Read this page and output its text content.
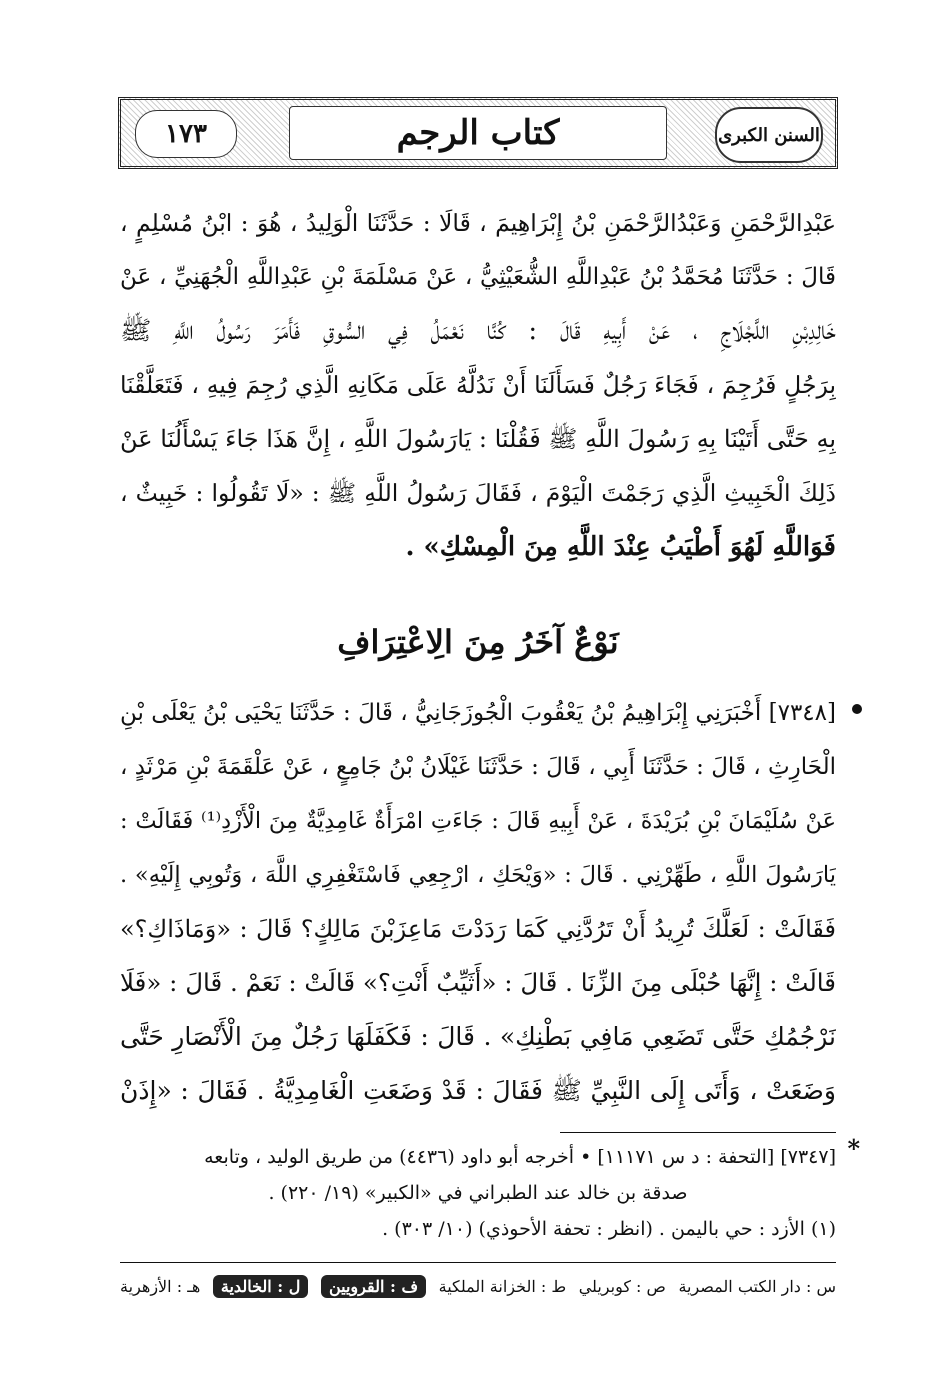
السنن الكبرى
كتاب الرجم
١٧٣
عَبْدِالرَّحْمَنِ وَعَبْدُالرَّحْمَنِ بْنُ إِبْرَاهِيمَ ، قَالَا : حَدَّثَنَا الْوَلِيدُ ، هُوَ : ابْنُ مُسْلِمٍ ،
قَالَ : حَدَّثَنَا مُحَمَّدُ بْنُ عَبْدِاللَّهِ الشُّعَيْثِيُّ ، عَنْ مَسْلَمَةَ بْنِ عَبْدِاللَّهِ الْجُهَنِيِّ ، عَنْ
خَالِدِبْنِ اللَّجْلَاجِ ، عَنْ أَبِيهِ قَالَ : كُنَّا نَعْمَلُ فِي السُّوقِ فَأَمَرَ رَسُولُ اللَّهِ ﷺ
بِرَجُلٍ فَرُجِمَ ، فَجَاءَ رَجُلٌ فَسَأَلَنَا أَنْ نَدُلَّهُ عَلَى مَكَانِهِ الَّذِي رُجِمَ فِيهِ ، فَتَعَلَّقْنَا
بِهِ حَتَّى أَتَيْنَا بِهِ رَسُولَ اللَّهِ ﷺ فَقُلْنَا : يَارَسُولَ اللَّهِ ، إِنَّ هَذَا جَاءَ يَسْأَلُنَا عَنْ
ذَلِكَ الْخَبِيثِ الَّذِي رَجَمْتَ الْيَوْمَ ، فَقَالَ رَسُولُ اللَّهِ ﷺ : «لَا تَقُولُوا : خَبِيثٌ ،
فَوَاللَّهِ لَهُوَ أَطْيَبُ عِنْدَ اللَّهِ مِنَ الْمِسْكِ» .
نَوْعٌ آخَرُ مِنَ الِاعْتِرَافِ
[٧٣٤٨] أَخْبَرَنِي إِبْرَاهِيمُ بْنُ يَعْقُوبَ الْجُوزَجَانِيُّ ، قَالَ : حَدَّثَنَا يَحْيَى بْنُ يَعْلَى بْنِ
الْحَارِثِ ، قَالَ : حَدَّثَنَا أَبِي ، قَالَ : حَدَّثَنَا غَيْلَانُ بْنُ جَامِعٍ ، عَنْ عَلْقَمَةَ بْنِ مَرْثَدٍ ،
عَنْ سُلَيْمَانَ بْنِ بُرَيْدَةَ ، عَنْ أَبِيهِ قَالَ : جَاءَتِ امْرَأَةٌ غَامِدِيَّةٌ مِنَ الْأَزْدِ⁽¹⁾ فَقَالَتْ :
يَارَسُولَ اللَّهِ ، طَهِّرْنِي . قَالَ : «وَيْحَكِ ، ارْجِعِي فَاسْتَغْفِرِي اللَّهَ ، وَتُوبِي إِلَيْهِ» .
فَقَالَتْ : لَعَلَّكَ تُرِيدُ أَنْ تَرُدَّنِي كَمَا رَدَدْتَ مَاعِزَبْنَ مَالِكٍ؟ قَالَ : «وَمَاذَاكِ؟»
قَالَتْ : إِنَّهَا حُبْلَى مِنَ الزِّنَا . قَالَ : «أَثَيِّبٌ أَنْتِ؟» قَالَتْ : نَعَمْ . قَالَ : «فَلَا
نَرْجُمُكِ حَتَّى تَضَعِي مَافِي بَطْنِكِ» . قَالَ : فَكَفَلَهَا رَجُلٌ مِنَ الْأَنْصَارِ حَتَّى
وَضَعَتْ ، وَأَتَى إِلَى النَّبِيِّ ﷺ فَقَالَ : قَدْ وَضَعَتِ الْغَامِدِيَّةُ . فَقَالَ : «إِذَنْ
*
[٧٣٤٧] [التحفة : د س ١١١٧١] • أخرجه أبو داود (٤٤٣٦) من طريق الوليد ، وتابعه
صدقة بن خالد عند الطبراني في «الكبير» (١٩/ ٢٢٠) .
(١) الأزد : حي باليمن . (انظر : تحفة الأحوذي) (١٠/ ٣٠٣) .
س : دار الكتب المصرية
ص : كوبريلي
ط : الخزانة الملكية
ف : القرويين
ل : الخالدية
هـ : الأزهرية
